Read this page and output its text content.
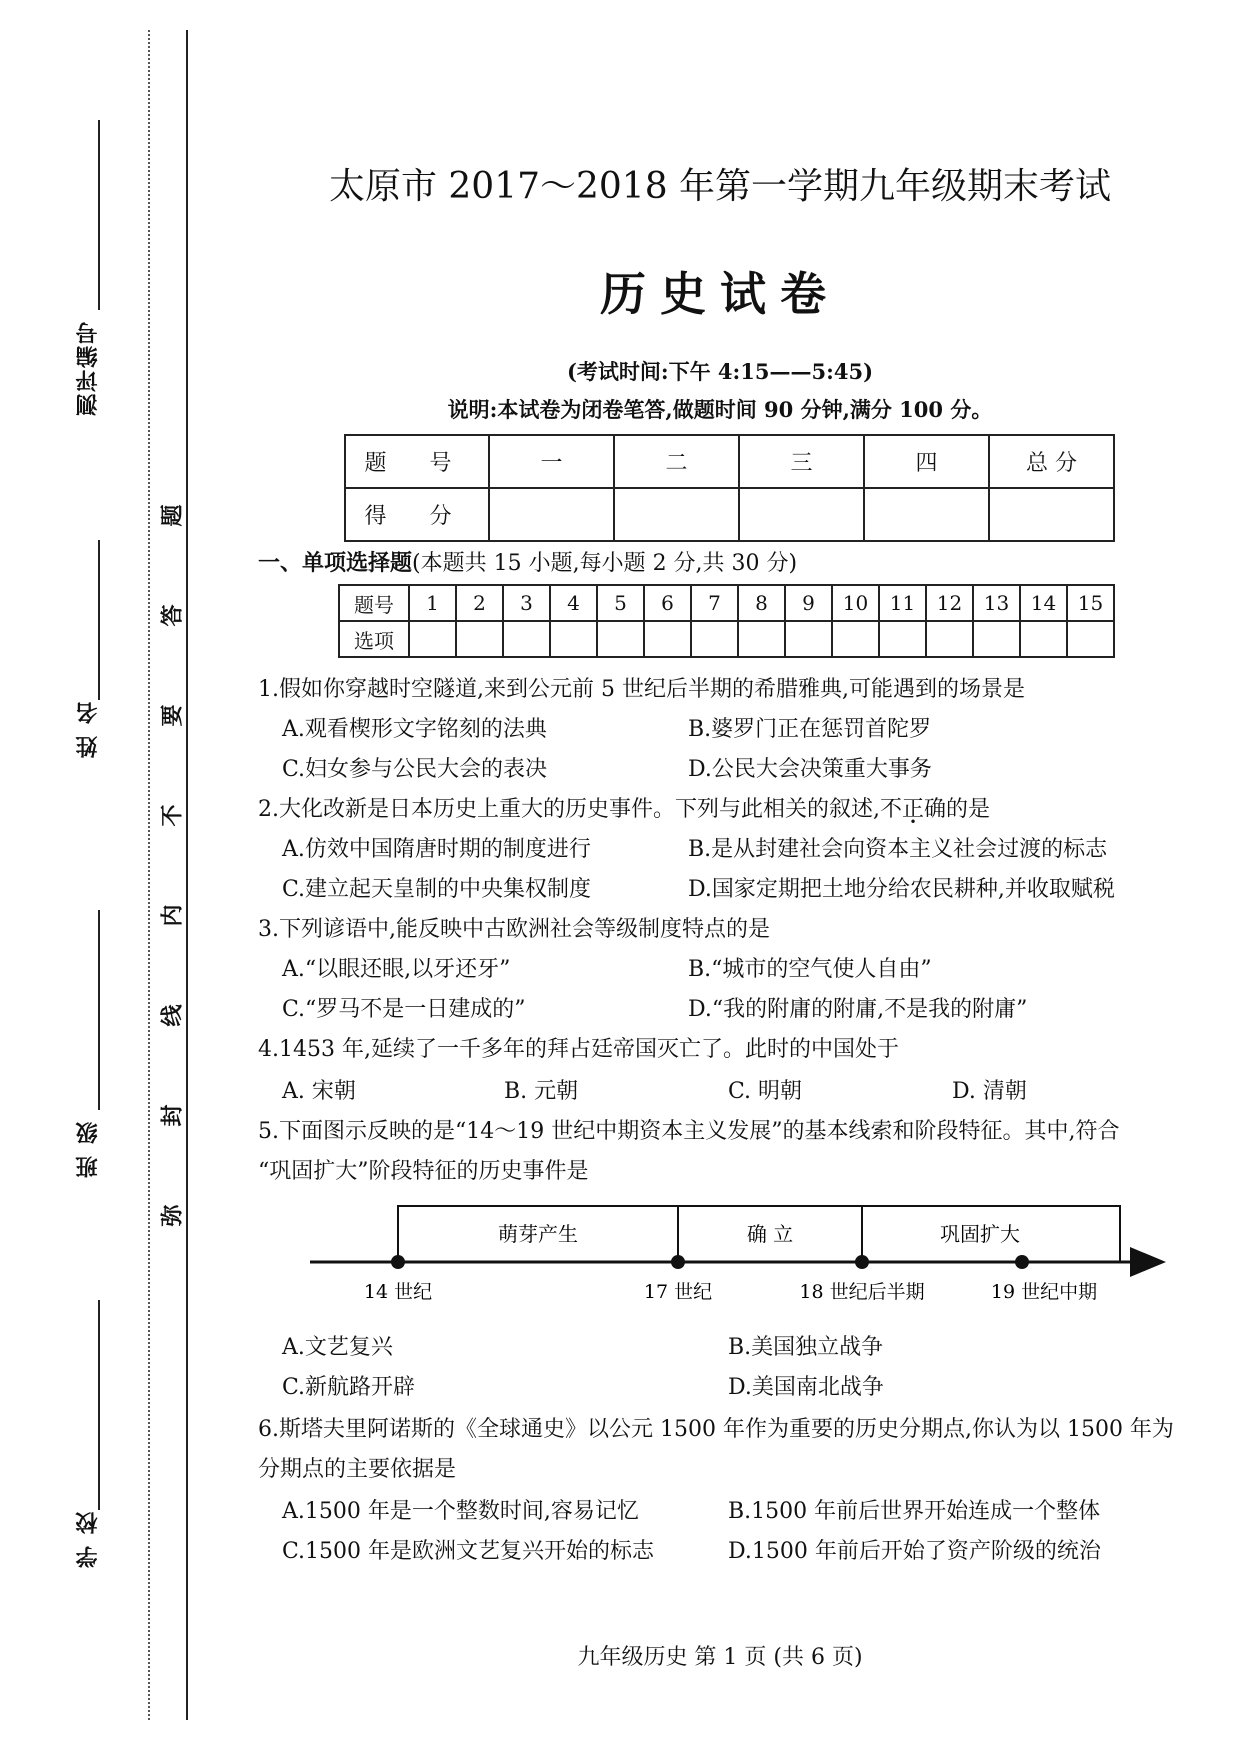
测评编号
姓 名
班 级
学 校
弥
封
线
内
不
要
答
题
太原市 2017～2018 年第一学期九年级期末考试
历史试卷
(考试时间:下午 4:15——5:45)
说明:本试卷为闭卷笔答,做题时间 90 分钟,满分 100 分。
题 号	一	二	三	四	总 分
得 分					
一、单项选择题(本题共 15 小题,每小题 2 分,共 30 分)
题号	1	2	3	4	5	6	7	8	9	10	11	12	13	14	15
选项															
1.假如你穿越时空隧道,来到公元前 5 世纪后半期的希腊雅典,可能遇到的场景是
A.观看楔形文字铭刻的法典	B.婆罗门正在惩罚首陀罗
C.妇女参与公民大会的表决	D.公民大会决策重大事务
2.大化改新是日本历史上重大的历史事件。下列与此相关的叙述,不正确的是
A.仿效中国隋唐时期的制度进行	B.是从封建社会向资本主义社会过渡的标志
C.建立起天皇制的中央集权制度	D.国家定期把土地分给农民耕种,并收取赋税
3.下列谚语中,能反映中古欧洲社会等级制度特点的是
A.“以眼还眼,以牙还牙”	B.“城市的空气使人自由”
C.“罗马不是一日建成的”	D.“我的附庸的附庸,不是我的附庸”
4.1453 年,延续了一千多年的拜占廷帝国灭亡了。此时的中国处于
A. 宋朝	B. 元朝	C. 明朝	D. 清朝
5.下面图示反映的是“14～19 世纪中期资本主义发展”的基本线索和阶段特征。其中,符合
“巩固扩大”阶段特征的历史事件是
萌芽产生	确 立	巩固扩大
14 世纪	17 世纪	18 世纪后半期	19 世纪中期
A.文艺复兴	B.美国独立战争
C.新航路开辟	D.美国南北战争
6.斯塔夫里阿诺斯的《全球通史》以公元 1500 年作为重要的历史分期点,你认为以 1500 年为
分期点的主要依据是
A.1500 年是一个整数时间,容易记忆	B.1500 年前后世界开始连成一个整体
C.1500 年是欧洲文艺复兴开始的标志	D.1500 年前后开始了资产阶级的统治
九年级历史 第 1 页 (共 6 页)
